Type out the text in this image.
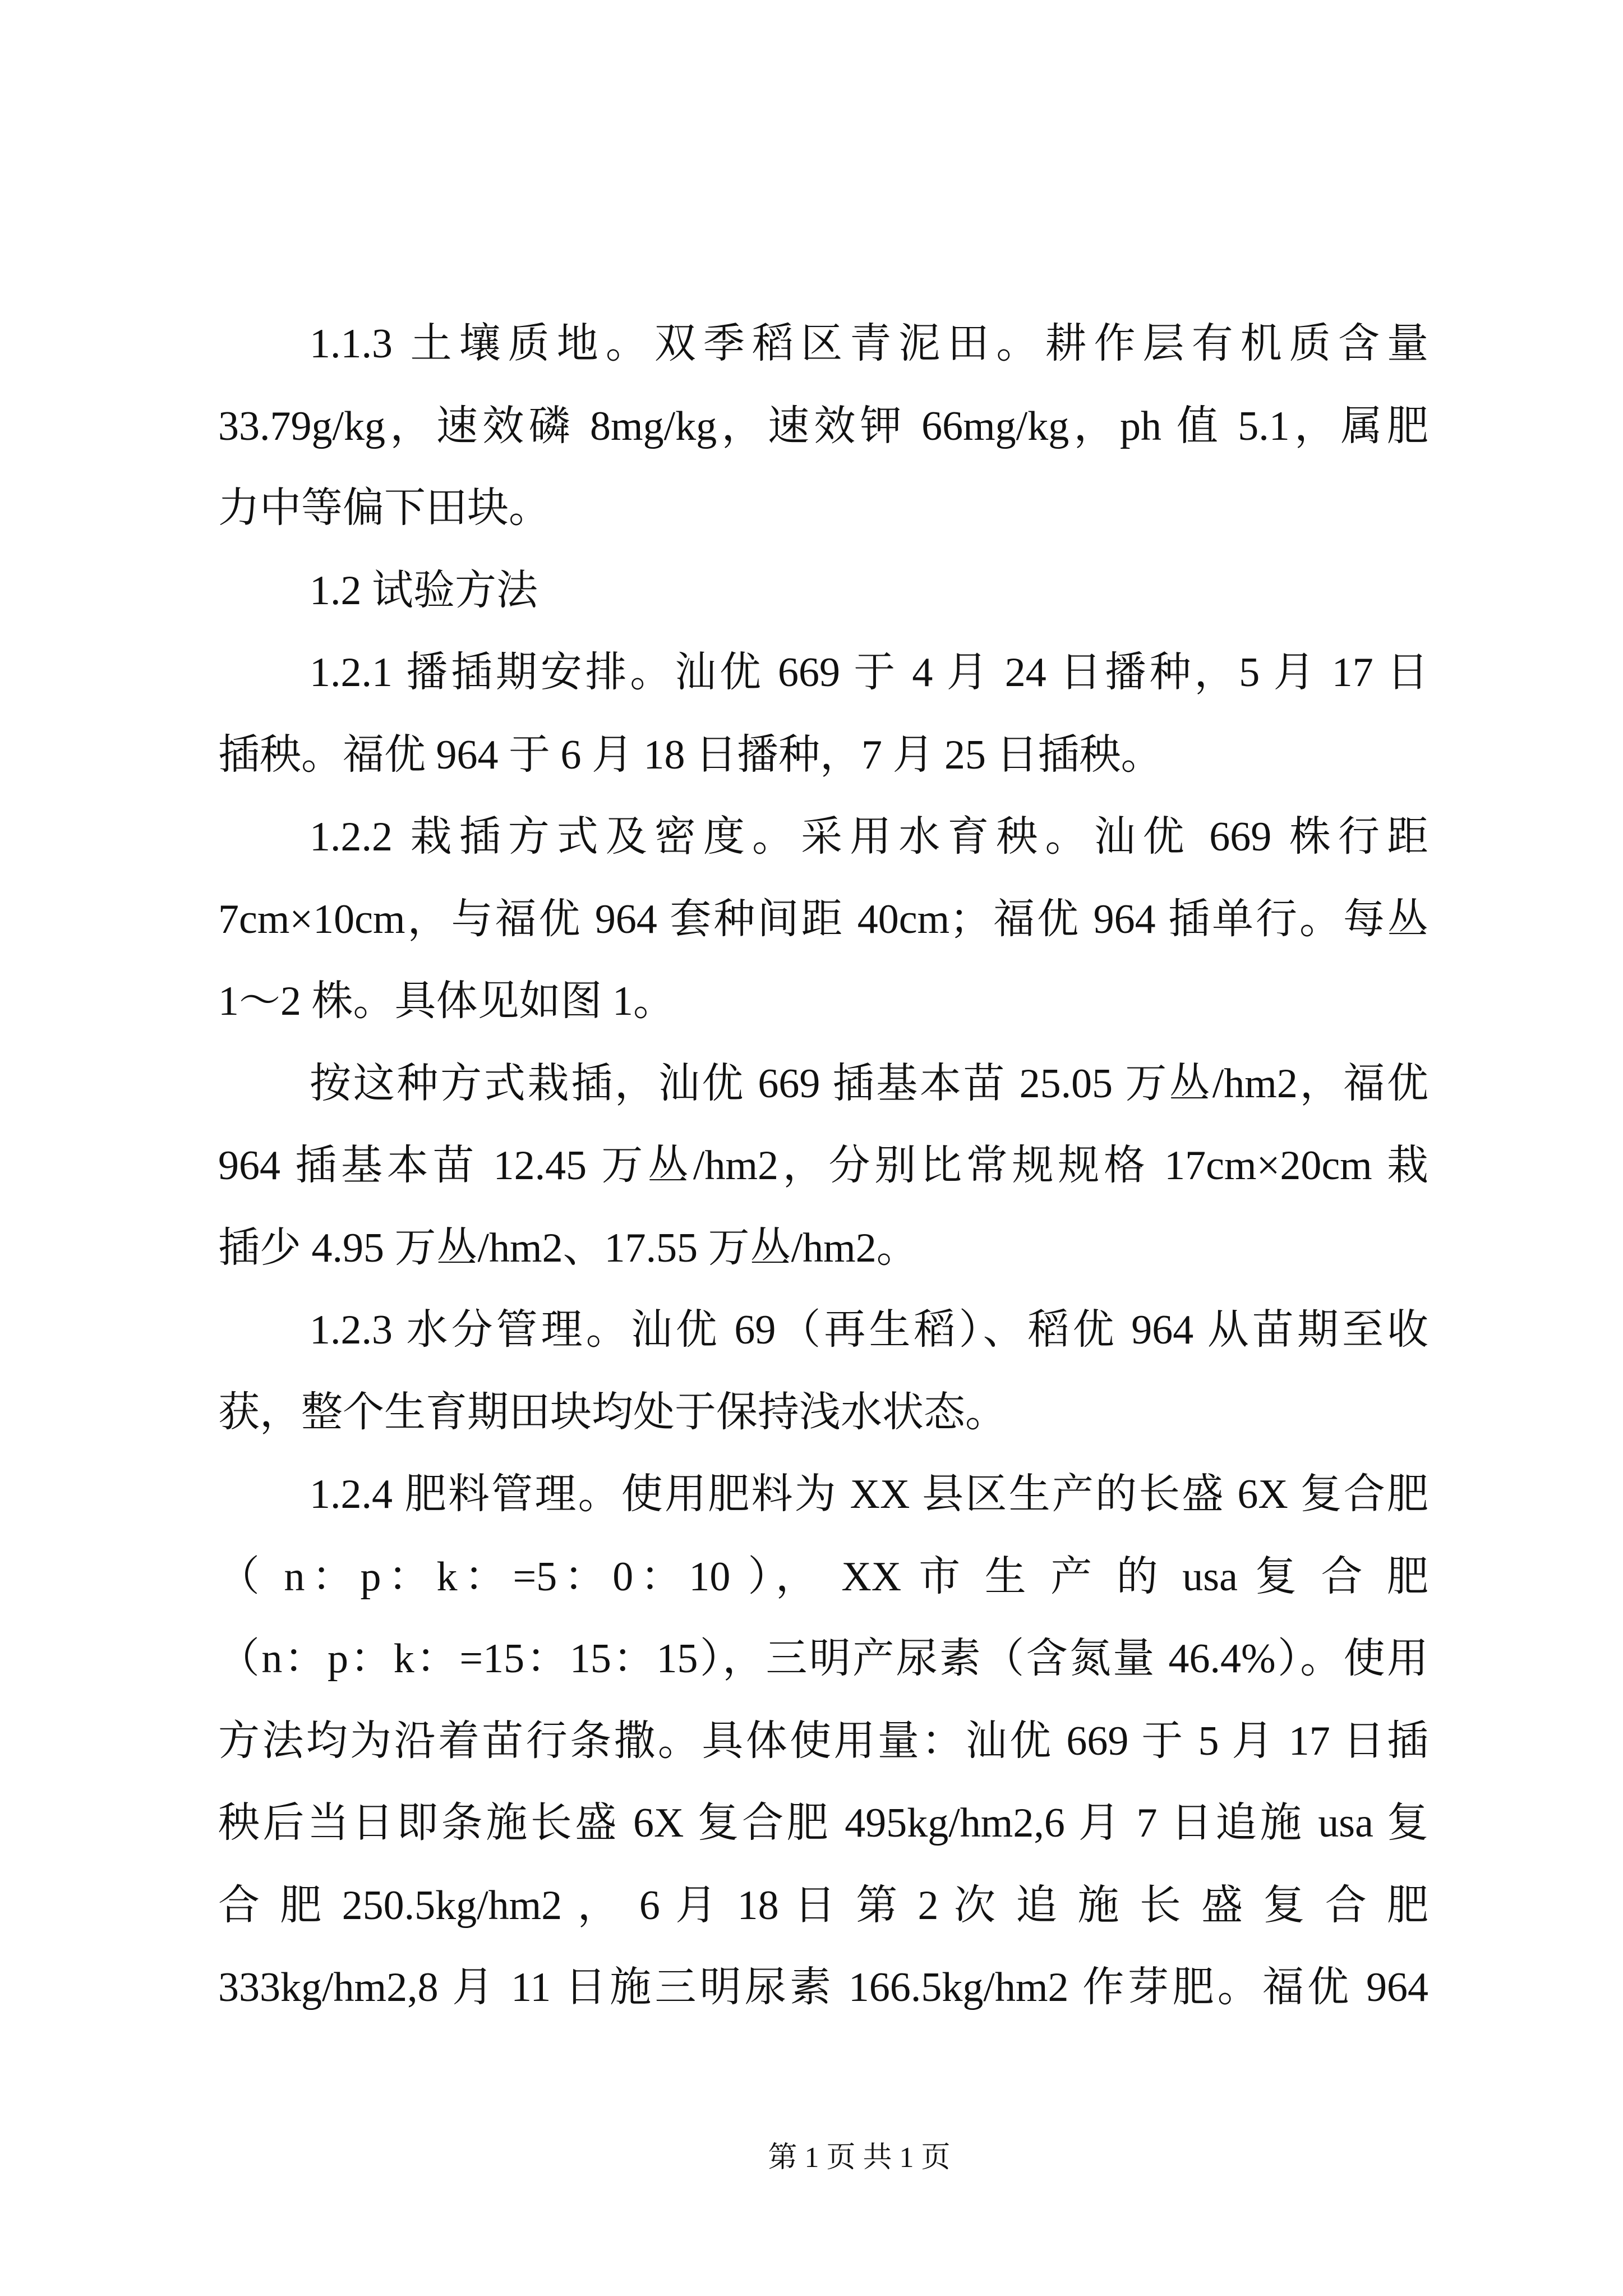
1.1.3 土壤质地。双季稻区青泥田。耕作层有机质含量
33.79g/kg，速效磷 8mg/kg，速效钾 66mg/kg，ph 值 5.1，属肥
力中等偏下田块。
1.2 试验方法
1.2.1 播插期安排。汕优 669 于 4 月 24 日播种，5 月 17 日
插秧。福优 964 于 6 月 18 日播种，7 月 25 日插秧。
1.2.2 栽插方式及密度。采用水育秧。汕优 669 株行距
7cm×10cm，与福优 964 套种间距 40cm；福优 964 插单行。每丛
1～2 株。具体见如图 1。
按这种方式栽插，汕优 669 插基本苗 25.05 万丛/hm2，福优
964 插基本苗 12.45 万丛/hm2，分别比常规规格 17cm×20cm 栽
插少 4.95 万丛/hm2、17.55 万丛/hm2。
1.2.3 水分管理。汕优 69（再生稻）、稻优 964 从苗期至收
获，整个生育期田块均处于保持浅水状态。
1.2.4 肥料管理。使用肥料为 XX 县区生产的长盛 6X 复合肥
（ n：p：k：=5：0：10 ）， XX 市 生 产 的 usa 复 合 肥
（n：p：k：=15：15：15），三明产尿素（含氮量 46.4%）。使用
方法均为沿着苗行条撒。具体使用量：汕优 669 于 5 月 17 日插
秧后当日即条施长盛 6X 复合肥 495kg/hm2,6 月 7 日追施 usa 复
合 肥 250.5kg/hm2 ， 6 月 18 日 第 2 次 追 施 长 盛 复 合 肥
333kg/hm2,8 月 11 日施三明尿素 166.5kg/hm2 作芽肥。福优 964
第 1 页 共 1 页
